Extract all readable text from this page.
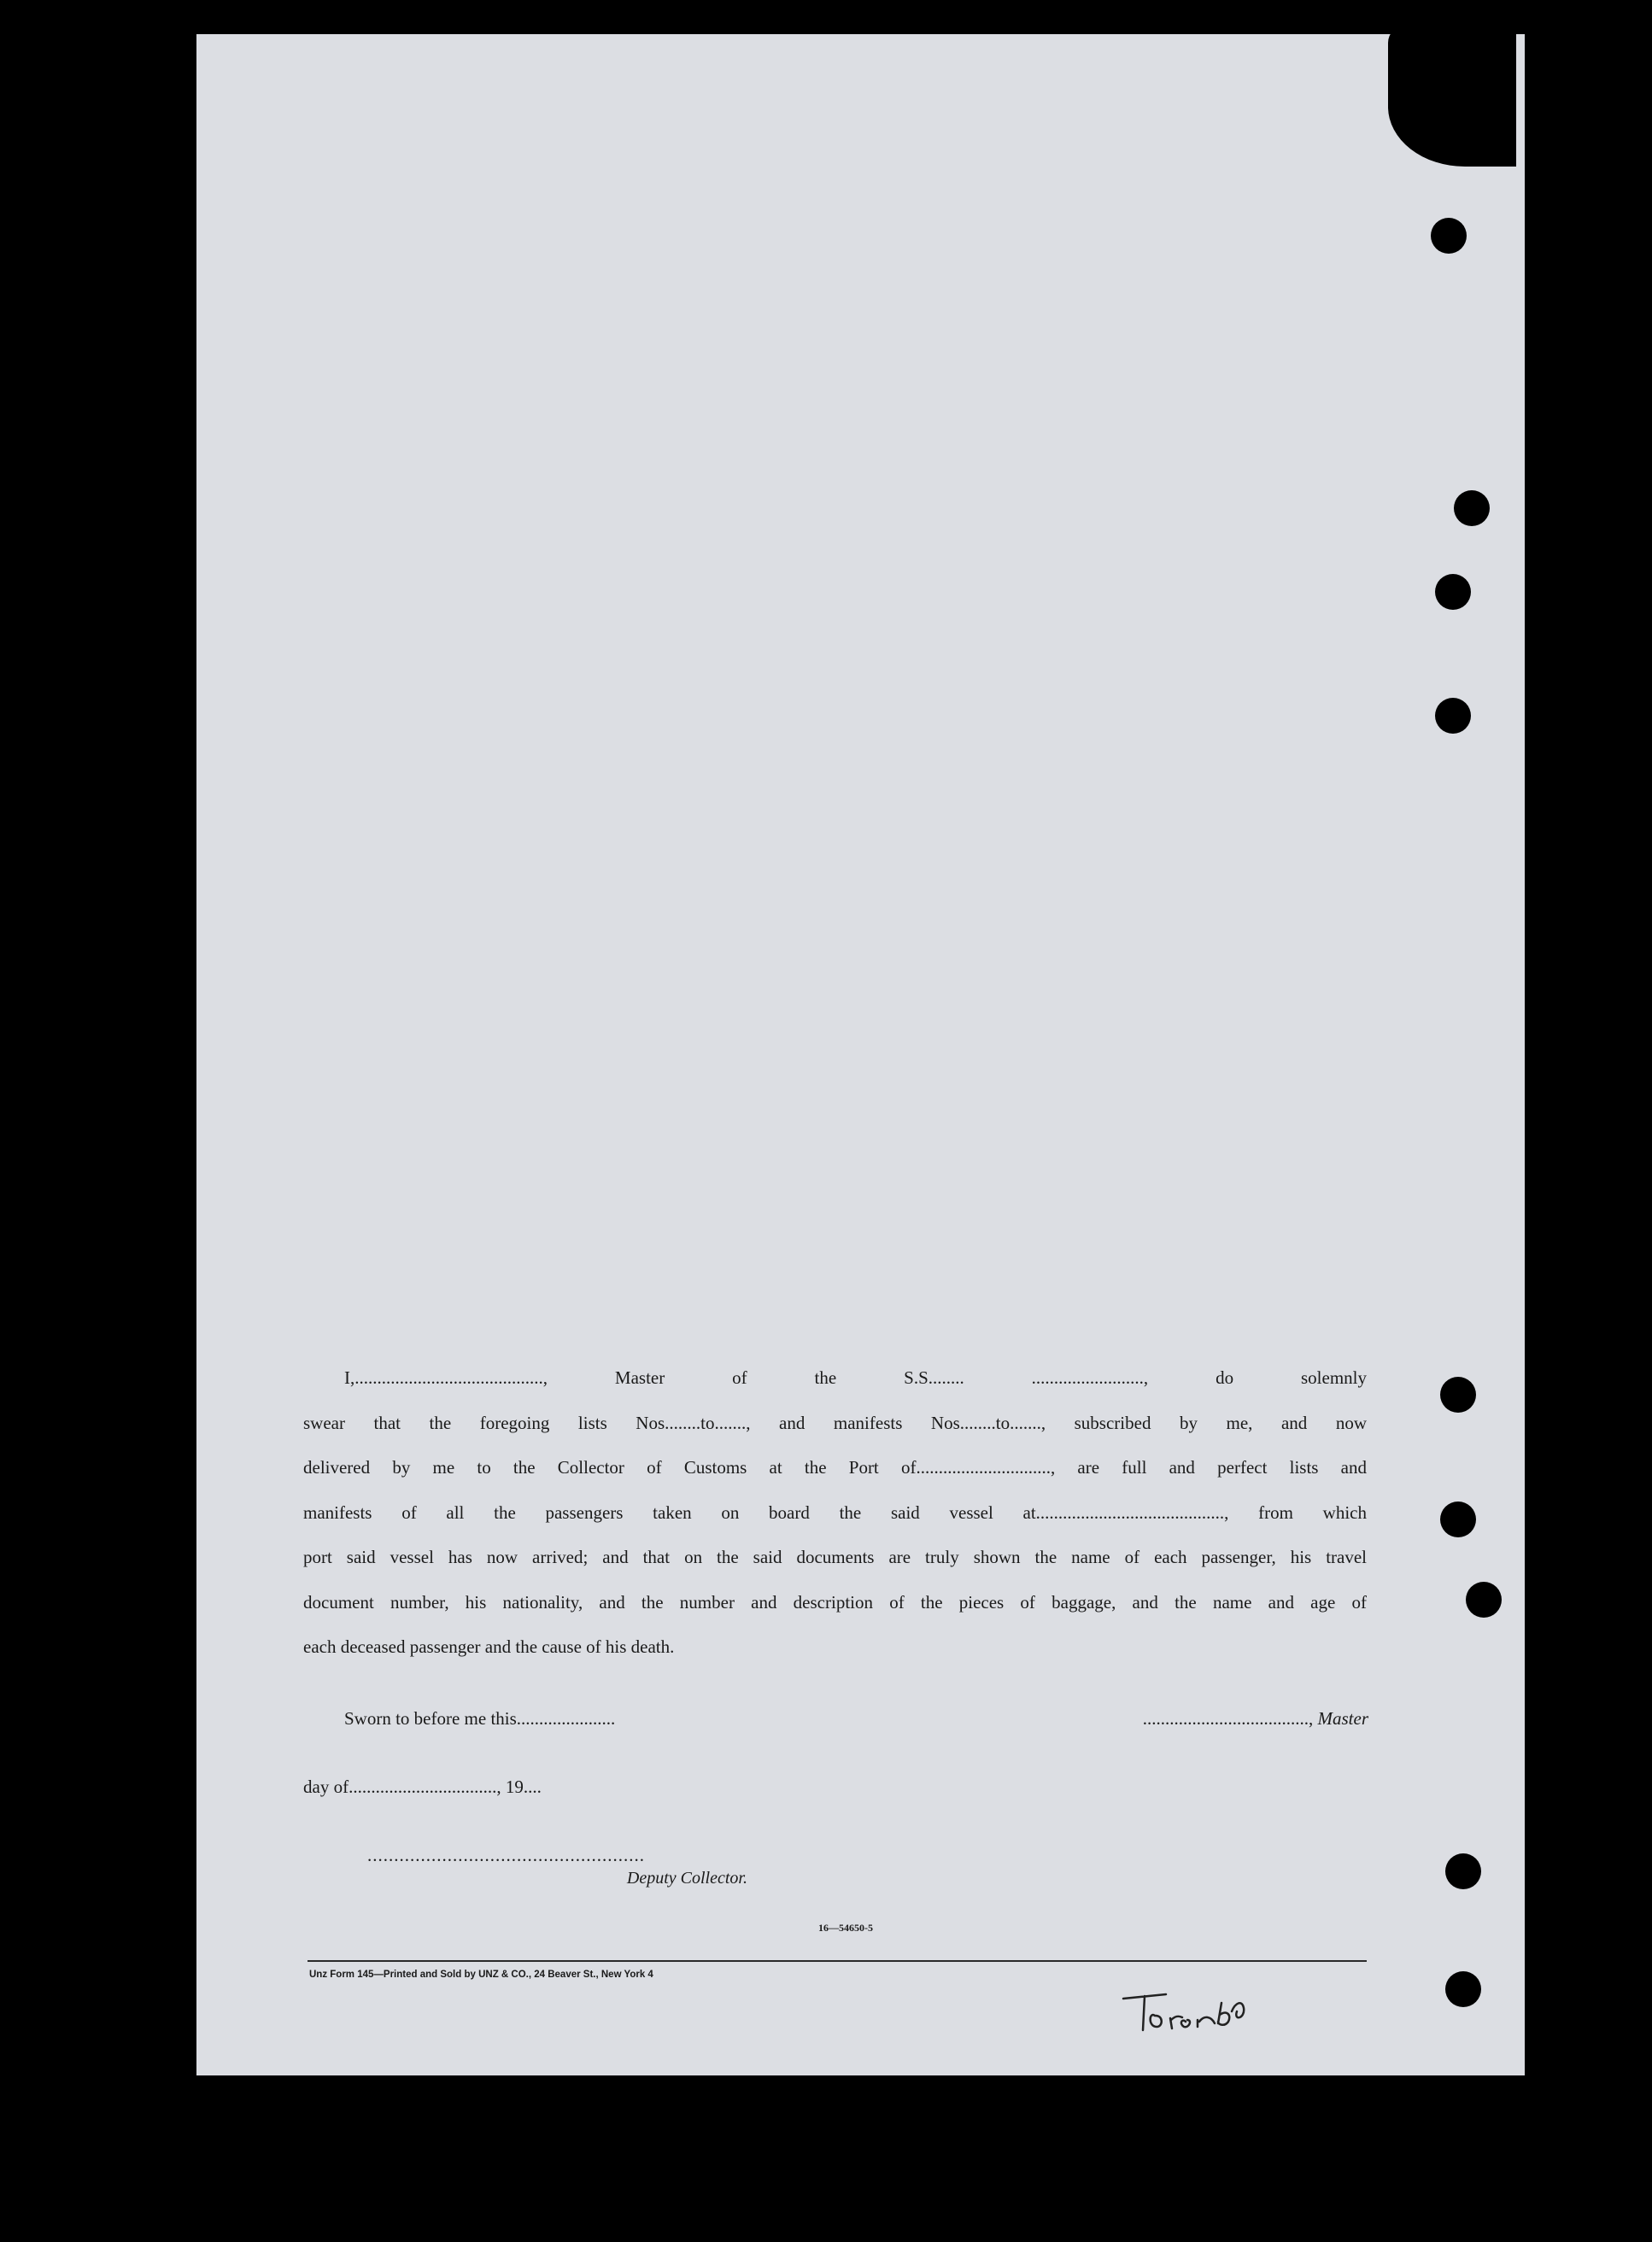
I,.........................................., Master of the S.S........ ........................., do solemnly
swear that the foregoing lists Nos........to......., and manifests Nos........to......., subscribed by me, and now
delivered by me to the Collector of Customs at the Port of.............................., are full and perfect lists and
manifests of all the passengers taken on board the said vessel at.........................................., from which
port said vessel has now arrived; and that on the said documents are truly shown the name of each passenger, his travel
document number, his nationality, and the number and description of the pieces of baggage, and the name and age of
each deceased passenger and the cause of his death.
Sworn to before me this......................	....................................., Master
day of................................., 19....
....................................................
Deputy Collector.
16—54650-5
Unz Form 145—Printed and Sold by UNZ & CO., 24 Beaver St., New York 4
